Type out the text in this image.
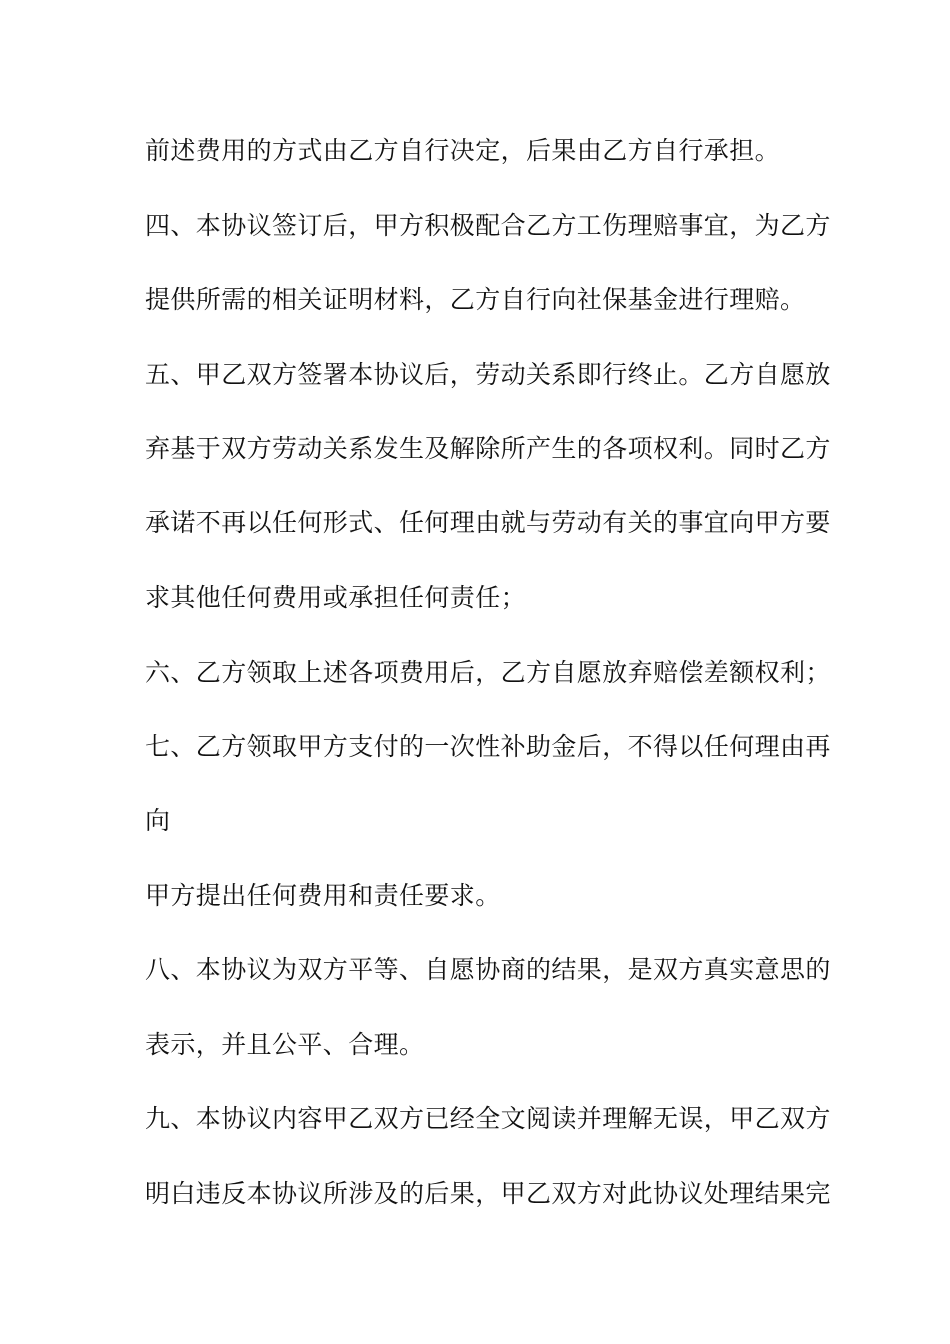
前述费用的方式由乙方自行决定，后果由乙方自行承担。
四、本协议签订后，甲方积极配合乙方工伤理赔事宜，为乙方
提供所需的相关证明材料，乙方自行向社保基金进行理赔。
五、甲乙双方签署本协议后，劳动关系即行终止。乙方自愿放
弃基于双方劳动关系发生及解除所产生的各项权利。同时乙方
承诺不再以任何形式、任何理由就与劳动有关的事宜向甲方要
求其他任何费用或承担任何责任；
六、乙方领取上述各项费用后，乙方自愿放弃赔偿差额权利；
七、乙方领取甲方支付的一次性补助金后，不得以任何理由再
向
甲方提出任何费用和责任要求。
八、本协议为双方平等、自愿协商的结果，是双方真实意思的
表示，并且公平、合理。
九、本协议内容甲乙双方已经全文阅读并理解无误，甲乙双方
明白违反本协议所涉及的后果，甲乙双方对此协议处理结果完
